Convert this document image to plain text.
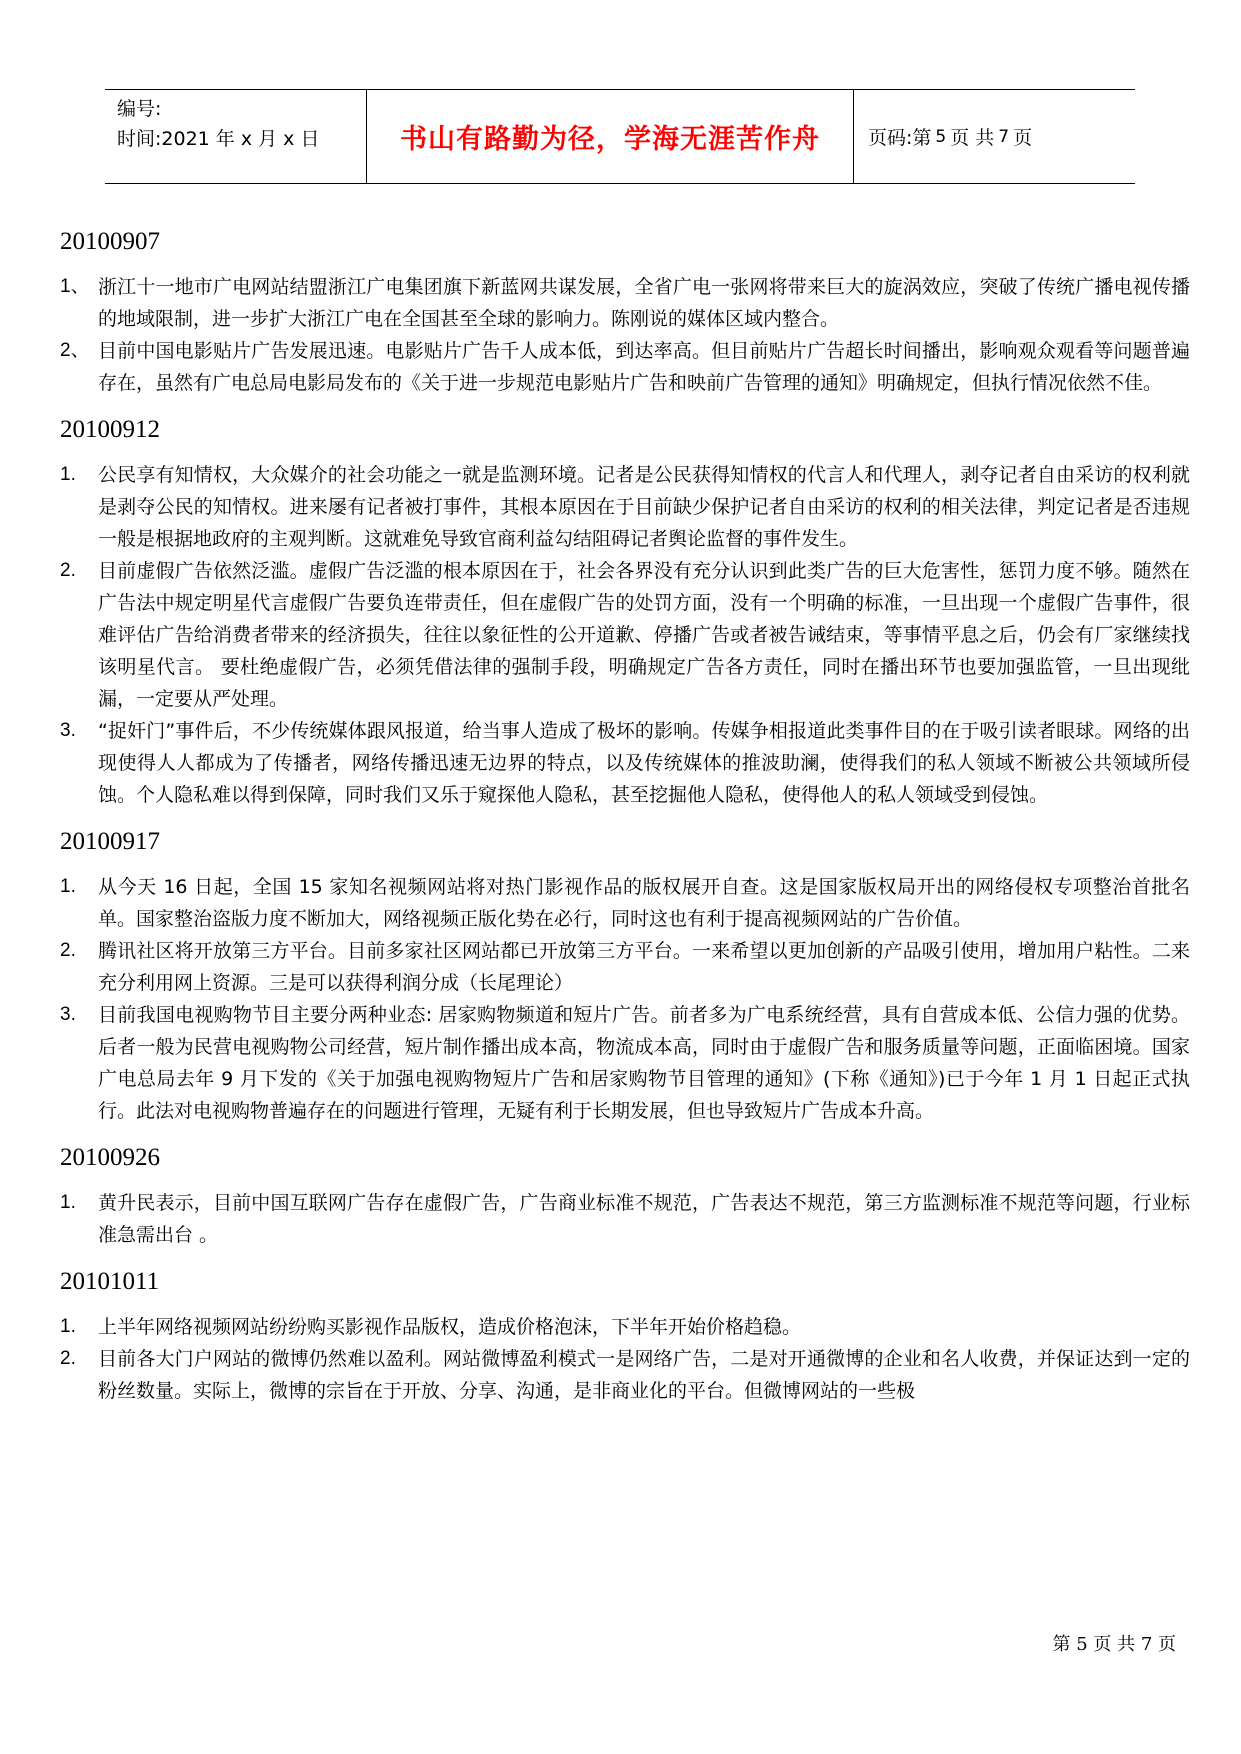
编号:
时间:2021 年 x 月 x 日	书山有路勤为径，学海无涯苦作舟	页码:第 5 页 共 7 页
20100907
1、 浙江十一地市广电网站结盟浙江广电集团旗下新蓝网共谋发展，全省广电一张网将带来巨大的旋涡效应，突破了传统广播电视传播的地域限制，进一步扩大浙江广电在全国甚至全球的影响力。陈刚说的媒体区域内整合。
2、 目前中国电影贴片广告发展迅速。电影贴片广告千人成本低，到达率高。但目前贴片广告超长时间播出，影响观众观看等问题普遍存在，虽然有广电总局电影局发布的《关于进一步规范电影贴片广告和映前广告管理的通知》明确规定，但执行情况依然不佳。
20100912
1.	公民享有知情权，大众媒介的社会功能之一就是监测环境。记者是公民获得知情权的代言人和代理人，剥夺记者自由采访的权利就是剥夺公民的知情权。进来屡有记者被打事件，其根本原因在于目前缺少保护记者自由采访的权利的相关法律，判定记者是否违规一般是根据地政府的主观判断。这就难免导致官商利益勾结阻碍记者舆论监督的事件发生。
2.	目前虚假广告依然泛滥。虚假广告泛滥的根本原因在于，社会各界没有充分认识到此类广告的巨大危害性，惩罚力度不够。随然在广告法中规定明星代言虚假广告要负连带责任，但在虚假广告的处罚方面，没有一个明确的标准，一旦出现一个虚假广告事件，很难评估广告给消费者带来的经济损失，往往以象征性的公开道歉、停播广告或者被告诫结束，等事情平息之后，仍会有厂家继续找该明星代言。 要杜绝虚假广告，必须凭借法律的强制手段，明确规定广告各方责任，同时在播出环节也要加强监管，一旦出现纰漏，一定要从严处理。
3.	“捉奸门”事件后，不少传统媒体跟风报道，给当事人造成了极坏的影响。传媒争相报道此类事件目的在于吸引读者眼球。网络的出现使得人人都成为了传播者，网络传播迅速无边界的特点，以及传统媒体的推波助澜，使得我们的私人领域不断被公共领域所侵蚀。个人隐私难以得到保障，同时我们又乐于窥探他人隐私，甚至挖掘他人隐私，使得他人的私人领域受到侵蚀。
20100917
1.	从今天 16 日起，全国 15 家知名视频网站将对热门影视作品的版权展开自查。这是国家版权局开出的网络侵权专项整治首批名单。国家整治盗版力度不断加大，网络视频正版化势在必行，同时这也有利于提高视频网站的广告价值。
2.	腾讯社区将开放第三方平台。目前多家社区网站都已开放第三方平台。一来希望以更加创新的产品吸引使用，增加用户粘性。二来充分利用网上资源。三是可以获得利润分成（长尾理论）
3.	目前我国电视购物节目主要分两种业态: 居家购物频道和短片广告。前者多为广电系统经营，具有自营成本低、公信力强的优势。后者一般为民营电视购物公司经营，短片制作播出成本高，物流成本高，同时由于虚假广告和服务质量等问题，正面临困境。国家广电总局去年 9 月下发的《关于加强电视购物短片广告和居家购物节目管理的通知》(下称《通知》)已于今年 1 月 1 日起正式执行。此法对电视购物普遍存在的问题进行管理，无疑有利于长期发展，但也导致短片广告成本升高。
20100926
1.	黄升民表示，目前中国互联网广告存在虚假广告，广告商业标准不规范，广告表达不规范，第三方监测标准不规范等问题，行业标准急需出台 。
20101011
1.	上半年网络视频网站纷纷购买影视作品版权，造成价格泡沫，下半年开始价格趋稳。
2.	目前各大门户网站的微博仍然难以盈利。网站微博盈利模式一是网络广告，二是对开通微博的企业和名人收费，并保证达到一定的粉丝数量。实际上，微博的宗旨在于开放、分享、沟通，是非商业化的平台。但微博网站的一些极
第 5 页 共 7 页
